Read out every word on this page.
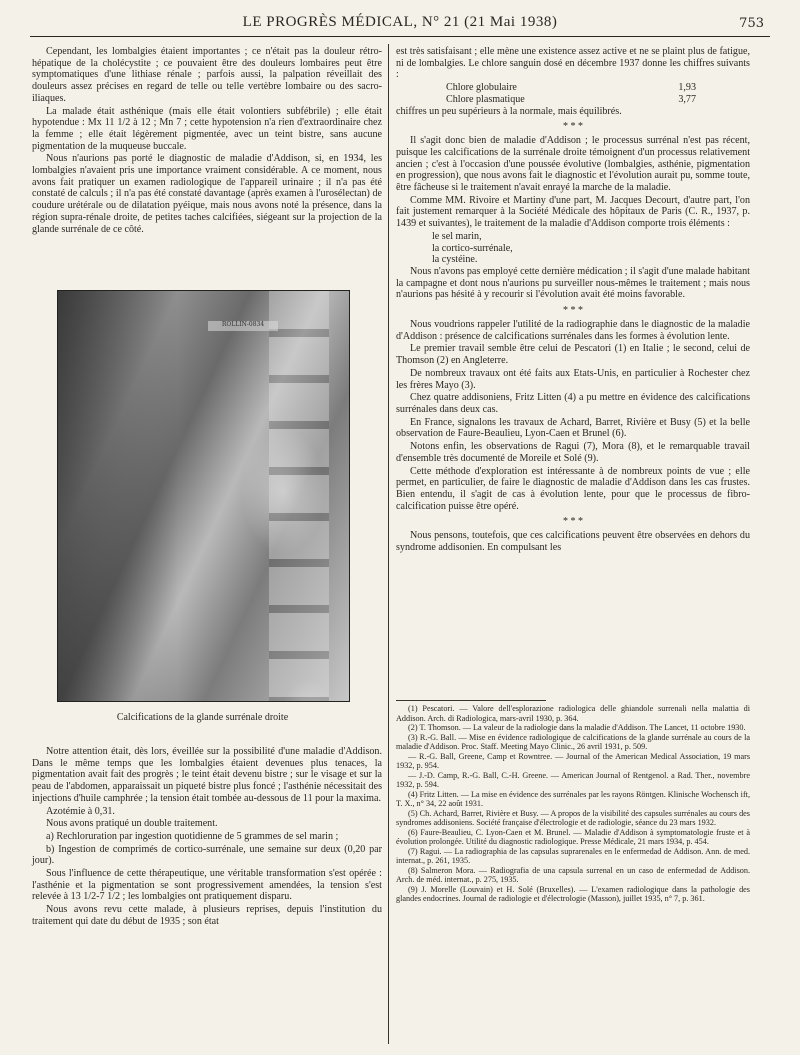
LE PROGRÈS MÉDICAL, N° 21 (21 Mai 1938)	753

Cependant, les lombalgies étaient importantes ; ce n'était pas la douleur rétro-hépatique de la cholécystite ; ce pouvaient être des douleurs lombaires peut être symptomatiques d'une lithiase rénale ; parfois aussi, la palpation réveillait des douleurs assez précises en regard de telle ou telle vertèbre lombaire ou des sacro-iliaques.

La malade était asthénique (mais elle était volontiers subfébrile) ; elle était hypotendue : Mx 11 1/2 à 12 ; Mn 7 ; cette hypotension n'a rien d'extraordinaire chez la femme ; elle était légèrement pigmentée, avec un teint bistre, sans aucune pigmentation de la muqueuse buccale.

Nous n'aurions pas porté le diagnostic de maladie d'Addison, si, en 1934, les lombalgies n'avaient pris une importance vraiment considérable. A ce moment, nous avons fait pratiquer un examen radiologique de l'appareil urinaire ; il n'a pas été constaté de calculs ; il n'a pas été constaté davantage (après examen à l'urosélectan) de coudure urétérale ou de dilatation pyéique, mais nous avons noté la présence, dans la région supra-rénale droite, de petites taches calcifiées, siégeant sur la projection de la glande surrénale de ce côté.

ROLLIN-0834
Calcifications de la glande surrénale droite

Notre attention était, dès lors, éveillée sur la possibilité d'une maladie d'Addison. Dans le même temps que les lombalgies étaient devenues plus tenaces, la pigmentation avait fait des progrès ; le teint était devenu bistre ; sur le visage et sur la peau de l'abdomen, apparaissait un piqueté bistre plus foncé ; l'asthénie nécessitait des injections d'huile camphrée ; la tension était tombée au-dessous de 11 pour la maxima.

Azotémie à 0,31.

Nous avons pratiqué un double traitement.

a) Rechloruration par ingestion quotidienne de 5 grammes de sel marin ;

b) Ingestion de comprimés de cortico-surrénale, une semaine sur deux (0,20 par jour).

Sous l'influence de cette thérapeutique, une véritable transformation s'est opérée : l'asthénie et la pigmentation se sont progressivement amendées, la tension s'est relevée à 13 1/2-7 1/2 ; les lombalgies ont pratiquement disparu.

Nous avons revu cette malade, à plusieurs reprises, depuis l'institution du traitement qui date du début de 1935 ; son état

est très satisfaisant ; elle mène une existence assez active et ne se plaint plus de fatigue, ni de lombalgies. Le chlore sanguin dosé en décembre 1937 donne les chiffres suivants :

Chlore globulaire	1,93
Chlore plasmatique	3,77

chiffres un peu supérieurs à la normale, mais équilibrés.

* * *

Il s'agit donc bien de maladie d'Addison ; le processus surrénal n'est pas récent, puisque les calcifications de la surrénale droite témoignent d'un processus relativement ancien ; c'est à l'occasion d'une poussée évolutive (lombalgies, asthénie, pigmentation en progression), que nous avons fait le diagnostic et l'évolution aurait pu, somme toute, être fâcheuse si le traitement n'avait enrayé la marche de la maladie.

Comme MM. Rivoire et Martiny d'une part, M. Jacques Decourt, d'autre part, l'on fait justement remarquer à la Société Médicale des hôpitaux de Paris (C. R., 1937, p. 1439 et suivantes), le traitement de la maladie d'Addison comporte trois éléments :

le sel marin,
la cortico-surrénale,
la cystéine.

Nous n'avons pas employé cette dernière médication ; il s'agit d'une malade habitant la campagne et dont nous n'aurions pu surveiller nous-mêmes le traitement ; mais nous n'aurions pas hésité à y recourir si l'évolution avait été moins favorable.

* * *

Nous voudrions rappeler l'utilité de la radiographie dans le diagnostic de la maladie d'Addison : présence de calcifications surrénales dans les formes à évolution lente.

Le premier travail semble être celui de Pescatori (1) en Italie ; le second, celui de Thomson (2) en Angleterre.

De nombreux travaux ont été faits aux Etats-Unis, en particulier à Rochester chez les frères Mayo (3).

Chez quatre addisoniens, Fritz Litten (4) a pu mettre en évidence des calcifications surrénales dans deux cas.

En France, signalons les travaux de Achard, Barret, Rivière et Busy (5) et la belle observation de Faure-Beaulieu, Lyon-Caen et Brunel (6).

Notons enfin, les observations de Ragui (7), Mora (8), et le remarquable travail d'ensemble très documenté de Moreile et Solé (9).

Cette méthode d'exploration est intéressante à de nombreux points de vue ; elle permet, en particulier, de faire le diagnostic de maladie d'Addison dans les cas frustes. Bien entendu, il s'agit de cas à évolution lente, pour que le processus de fibro-calcification puisse être opéré.

* * *

Nous pensons, toutefois, que ces calcifications peuvent être observées en dehors du syndrome addisonien. En compulsant les

(1) Pescatori. — Valore dell'esplorazione radiologica delle ghiandole surrenali nella malattia di Addison. Arch. di Radiologica, mars-avril 1930, p. 364.

(2) T. Thomson. — La valeur de la radiologie dans la maladie d'Addison. The Lancet, 11 octobre 1930.

(3) R.-G. Ball. — Mise en évidence radiologique de calcifications de la glande surrénale au cours de la maladie d'Addison. Proc. Staff. Meeting Mayo Clinic., 26 avril 1931, p. 509.

— R.-G. Ball, Greene, Camp et Rowntree. — Journal of the American Medical Association, 19 mars 1932, p. 954.

— J.-D. Camp, R.-G. Ball, C.-H. Greene. — American Journal of Rentgenol. a Rad. Ther., novembre 1932, p. 594.

(4) Fritz Litten. — La mise en évidence des surrénales par les rayons Röntgen. Klinische Wochensch ift, T. X., n° 34, 22 août 1931.

(5) Ch. Achard, Barret, Rivière et Busy. — A propos de la visibilité des capsules surrénales au cours des syndromes addisoniens. Société française d'électrologie et de radiologie, séance du 23 mars 1932.

(6) Faure-Beaulieu, C. Lyon-Caen et M. Brunel. — Maladie d'Addison à symptomatologie fruste et à évolution prolongée. Utilité du diagnostic radiologique. Presse Médicale, 21 mars 1934, p. 454.

(7) Ragui. — La radiographia de las capsulas suprarenales en le enfermedad de Addison. Ann. de med. internat., p. 261, 1935.

(8) Salmeron Mora. — Radiografia de una capsula surrenal en un caso de enfermedad de Addison. Arch. de méd. internat., p. 275, 1935.

(9) J. Morelle (Louvain) et H. Solé (Bruxelles). — L'examen radiologique dans la pathologie des glandes endocrines. Journal de radiologie et d'électrologie (Masson), juillet 1935, n° 7, p. 361.
